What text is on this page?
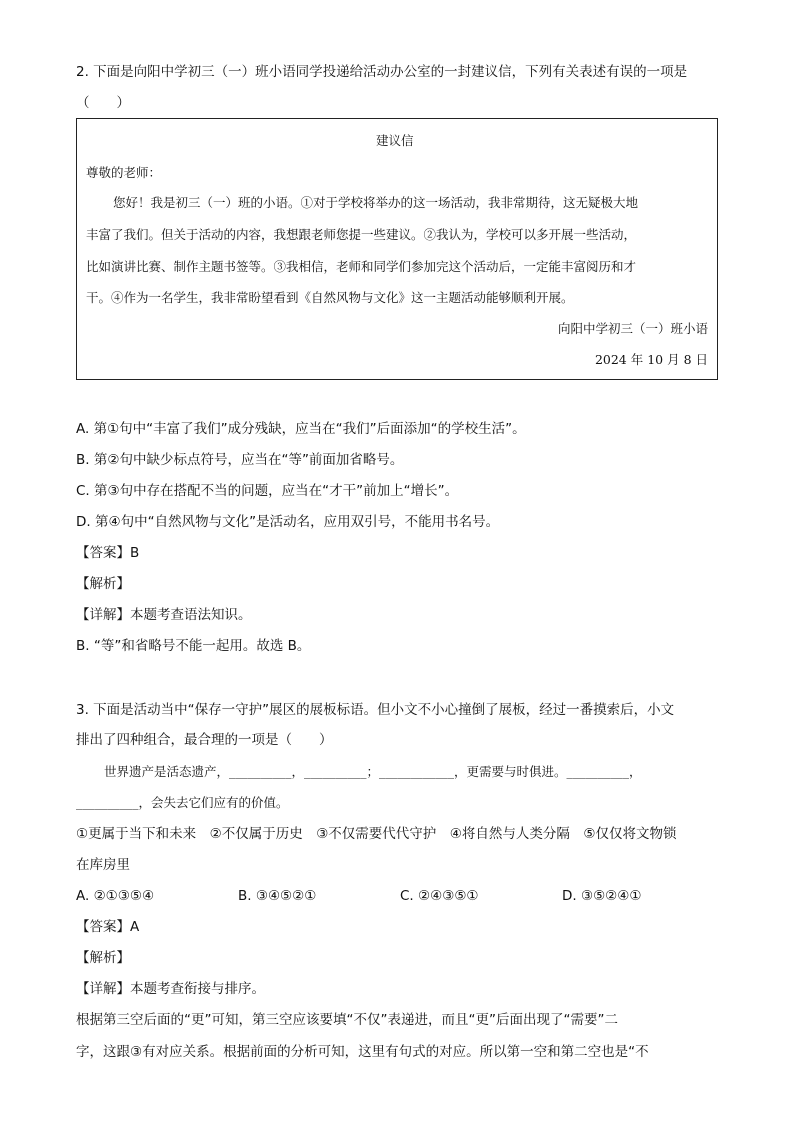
2. 下面是向阳中学初三（一）班小语同学投递给活动办公室的一封建议信，下列有关表述有误的一项是
（　　）
建议信
尊敬的老师：
您好！我是初三（一）班的小语。①对于学校将举办的这一场活动，我非常期待，这无疑极大地
丰富了我们。但关于活动的内容，我想跟老师您提一些建议。②我认为，学校可以多开展一些活动，
比如演讲比赛、制作主题书签等。③我相信，老师和同学们参加完这个活动后，一定能丰富阅历和才
干。④作为一名学生，我非常盼望看到《自然风物与文化》这一主题活动能够顺利开展。
向阳中学初三（一）班小语
2024 年 10 月 8 日
A. 第①句中“丰富了我们”成分残缺，应当在“我们”后面添加“的学校生活”。
B. 第②句中缺少标点符号，应当在“等”前面加省略号。
C. 第③句中存在搭配不当的问题，应当在“才干”前加上“增长”。
D. 第④句中“自然风物与文化”是活动名，应用双引号，不能用书名号。
【答案】B
【解析】
【详解】本题考查语法知识。
B. “等”和省略号不能一起用。故选 B。
3. 下面是活动当中“保存一守护”展区的展板标语。但小文不小心撞倒了展板，经过一番摸索后，小文
排出了四种组合，最合理的一项是（　　）
世界遗产是活态遗产，__________，__________；____________，更需要与时俱进。__________，
__________，会失去它们应有的价值。
①更属于当下和未来　②不仅属于历史　③不仅需要代代守护　④将自然与人类分隔　⑤仅仅将文物锁
在库房里
A. ②①③⑤④	B. ③④⑤②①	C. ②④③⑤①	D. ③⑤②④①
【答案】A
【解析】
【详解】本题考查衔接与排序。
根据第三空后面的“更”可知，第三空应该要填“不仅”表递进，而且“更”后面出现了“需要”二
字，这跟③有对应关系。根据前面的分析可知，这里有句式的对应。所以第一空和第二空也是“不
